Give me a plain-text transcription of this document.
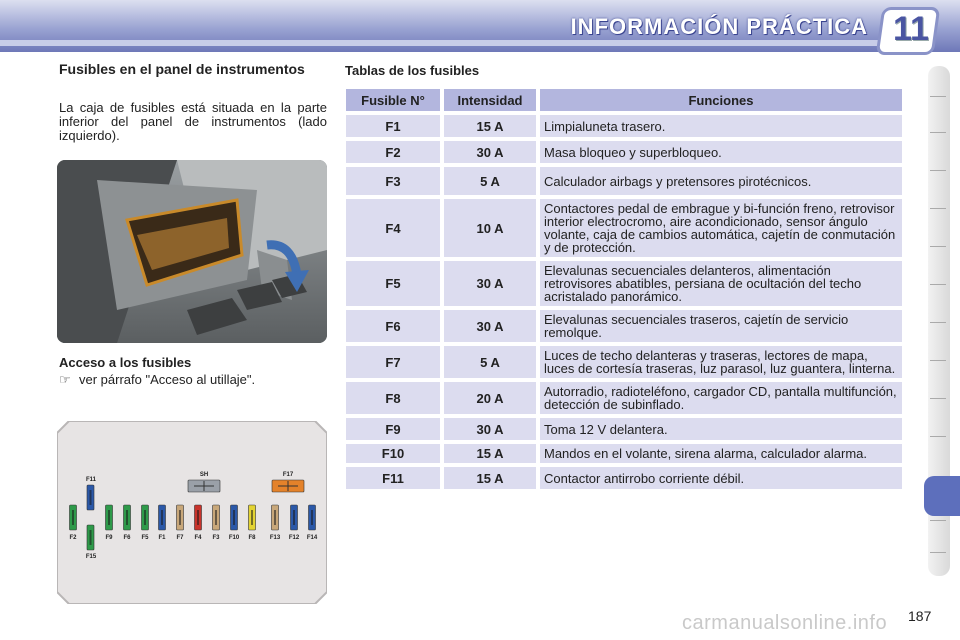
INFORMACIÓN PRÁCTICA 11
Fusibles en el panel de instrumentos
La caja de fusibles está situada en la parte inferior del panel de instrumentos (lado izquierdo).
Acceso a los fusibles
☞ ver párrafo "Acceso al utillaje".
F2	F9 F6 F5 F1 F7 F4 F3 F10 F8 F13 F12 F14
F11
F15
SH	F17
Tablas de los fusibles
Fusible N°	Intensidad	Funciones
F1	15 A	Limpialuneta trasero.
F2	30 A	Masa bloqueo y superbloqueo.
F3	5 A	Calculador airbags y pretensores pirotécnicos.
F4	10 A	Contactores pedal de embrague y bi-función freno, retrovisor interior electrocromo, aire acondicionado, sensor ángulo volante, caja de cambios automática, cajetín de conmutación y de protección.
F5	30 A	Elevalunas secuenciales delanteros, alimentación retrovisores abatibles, persiana de ocultación del techo acristalado panorámico.
F6	30 A	Elevalunas secuenciales traseros, cajetín de servicio remolque.
F7	5 A	Luces de techo delanteras y traseras, lectores de mapa, luces de cortesía traseras, luz parasol, luz guantera, linterna.
F8	20 A	Autorradio, radioteléfono, cargador CD, pantalla multifunción, detección de subinflado.
F9	30 A	Toma 12 V delantera.
F10	15 A	Mandos en el volante, sirena alarma, calculador alarma.
F11	15 A	Contactor antirrobo corriente débil.
187
carmanualsonline.info
